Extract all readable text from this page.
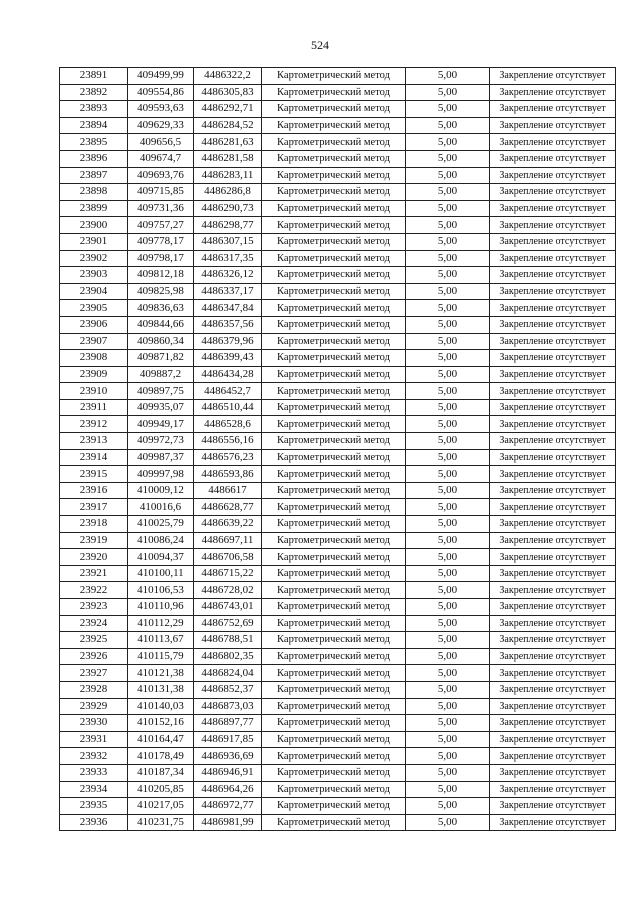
524
23891	409499,99	4486322,2	Картометрический метод	5,00	Закрепление отсутствует
23892	409554,86	4486305,83	Картометрический метод	5,00	Закрепление отсутствует
23893	409593,63	4486292,71	Картометрический метод	5,00	Закрепление отсутствует
23894	409629,33	4486284,52	Картометрический метод	5,00	Закрепление отсутствует
23895	409656,5	4486281,63	Картометрический метод	5,00	Закрепление отсутствует
23896	409674,7	4486281,58	Картометрический метод	5,00	Закрепление отсутствует
23897	409693,76	4486283,11	Картометрический метод	5,00	Закрепление отсутствует
23898	409715,85	4486286,8	Картометрический метод	5,00	Закрепление отсутствует
23899	409731,36	4486290,73	Картометрический метод	5,00	Закрепление отсутствует
23900	409757,27	4486298,77	Картометрический метод	5,00	Закрепление отсутствует
23901	409778,17	4486307,15	Картометрический метод	5,00	Закрепление отсутствует
23902	409798,17	4486317,35	Картометрический метод	5,00	Закрепление отсутствует
23903	409812,18	4486326,12	Картометрический метод	5,00	Закрепление отсутствует
23904	409825,98	4486337,17	Картометрический метод	5,00	Закрепление отсутствует
23905	409836,63	4486347,84	Картометрический метод	5,00	Закрепление отсутствует
23906	409844,66	4486357,56	Картометрический метод	5,00	Закрепление отсутствует
23907	409860,34	4486379,96	Картометрический метод	5,00	Закрепление отсутствует
23908	409871,82	4486399,43	Картометрический метод	5,00	Закрепление отсутствует
23909	409887,2	4486434,28	Картометрический метод	5,00	Закрепление отсутствует
23910	409897,75	4486452,7	Картометрический метод	5,00	Закрепление отсутствует
23911	409935,07	4486510,44	Картометрический метод	5,00	Закрепление отсутствует
23912	409949,17	4486528,6	Картометрический метод	5,00	Закрепление отсутствует
23913	409972,73	4486556,16	Картометрический метод	5,00	Закрепление отсутствует
23914	409987,37	4486576,23	Картометрический метод	5,00	Закрепление отсутствует
23915	409997,98	4486593,86	Картометрический метод	5,00	Закрепление отсутствует
23916	410009,12	4486617	Картометрический метод	5,00	Закрепление отсутствует
23917	410016,6	4486628,77	Картометрический метод	5,00	Закрепление отсутствует
23918	410025,79	4486639,22	Картометрический метод	5,00	Закрепление отсутствует
23919	410086,24	4486697,11	Картометрический метод	5,00	Закрепление отсутствует
23920	410094,37	4486706,58	Картометрический метод	5,00	Закрепление отсутствует
23921	410100,11	4486715,22	Картометрический метод	5,00	Закрепление отсутствует
23922	410106,53	4486728,02	Картометрический метод	5,00	Закрепление отсутствует
23923	410110,96	4486743,01	Картометрический метод	5,00	Закрепление отсутствует
23924	410112,29	4486752,69	Картометрический метод	5,00	Закрепление отсутствует
23925	410113,67	4486788,51	Картометрический метод	5,00	Закрепление отсутствует
23926	410115,79	4486802,35	Картометрический метод	5,00	Закрепление отсутствует
23927	410121,38	4486824,04	Картометрический метод	5,00	Закрепление отсутствует
23928	410131,38	4486852,37	Картометрический метод	5,00	Закрепление отсутствует
23929	410140,03	4486873,03	Картометрический метод	5,00	Закрепление отсутствует
23930	410152,16	4486897,77	Картометрический метод	5,00	Закрепление отсутствует
23931	410164,47	4486917,85	Картометрический метод	5,00	Закрепление отсутствует
23932	410178,49	4486936,69	Картометрический метод	5,00	Закрепление отсутствует
23933	410187,34	4486946,91	Картометрический метод	5,00	Закрепление отсутствует
23934	410205,85	4486964,26	Картометрический метод	5,00	Закрепление отсутствует
23935	410217,05	4486972,77	Картометрический метод	5,00	Закрепление отсутствует
23936	410231,75	4486981,99	Картометрический метод	5,00	Закрепление отсутствует
